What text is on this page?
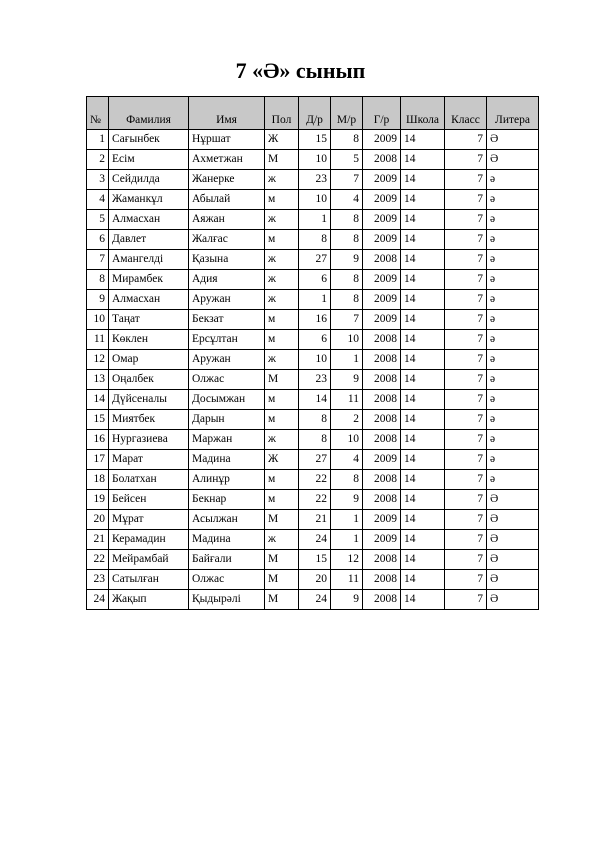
7 «Ә» сынып
№	Фамилия	Имя	Пол	Д/р	М/р	Г/р	Школа	Класс	Литера
1	Сағынбек	Нұршат	Ж	15	8	2009	14	7	Ә
2	Есім	Ахметжан	М	10	5	2008	14	7	Ә
3	Сейдилда	Жанерке	ж	23	7	2009	14	7	ә
4	Жаманкұл	Абылай	м	10	4	2009	14	7	ә
5	Алмасхан	Аяжан	ж	1	8	2009	14	7	ә
6	Давлет	Жалғас	м	8	8	2009	14	7	ә
7	Амангелді	Қазына	ж	27	9	2008	14	7	ә
8	Мирамбек	Адия	ж	6	8	2009	14	7	ә
9	Алмасхан	Аружан	ж	1	8	2009	14	7	ә
10	Таңат	Бекзат	м	16	7	2009	14	7	ә
11	Көклен	Ерсұлтан	м	6	10	2008	14	7	ә
12	Омар	Аружан	ж	10	1	2008	14	7	ә
13	Оңалбек	Олжас	М	23	9	2008	14	7	ә
14	Дүйсеналы	Досымжан	м	14	11	2008	14	7	ә
15	Миятбек	Дарын	м	8	2	2008	14	7	ә
16	Нургазиева	Маржан	ж	8	10	2008	14	7	ә
17	Марат	Мадина	Ж	27	4	2009	14	7	ә
18	Болатхан	Алинұр	м	22	8	2008	14	7	ә
19	Бейсен	Бекнар	м	22	9	2008	14	7	Ә
20	Мұрат	Асылжан	М	21	1	2009	14	7	Ә
21	Керамадин	Мадина	ж	24	1	2009	14	7	Ә
22	Мейрамбай	Байғали	М	15	12	2008	14	7	Ә
23	Сатылған	Олжас	М	20	11	2008	14	7	Ә
24	Жақып	Қыдырәлі	М	24	9	2008	14	7	Ә
